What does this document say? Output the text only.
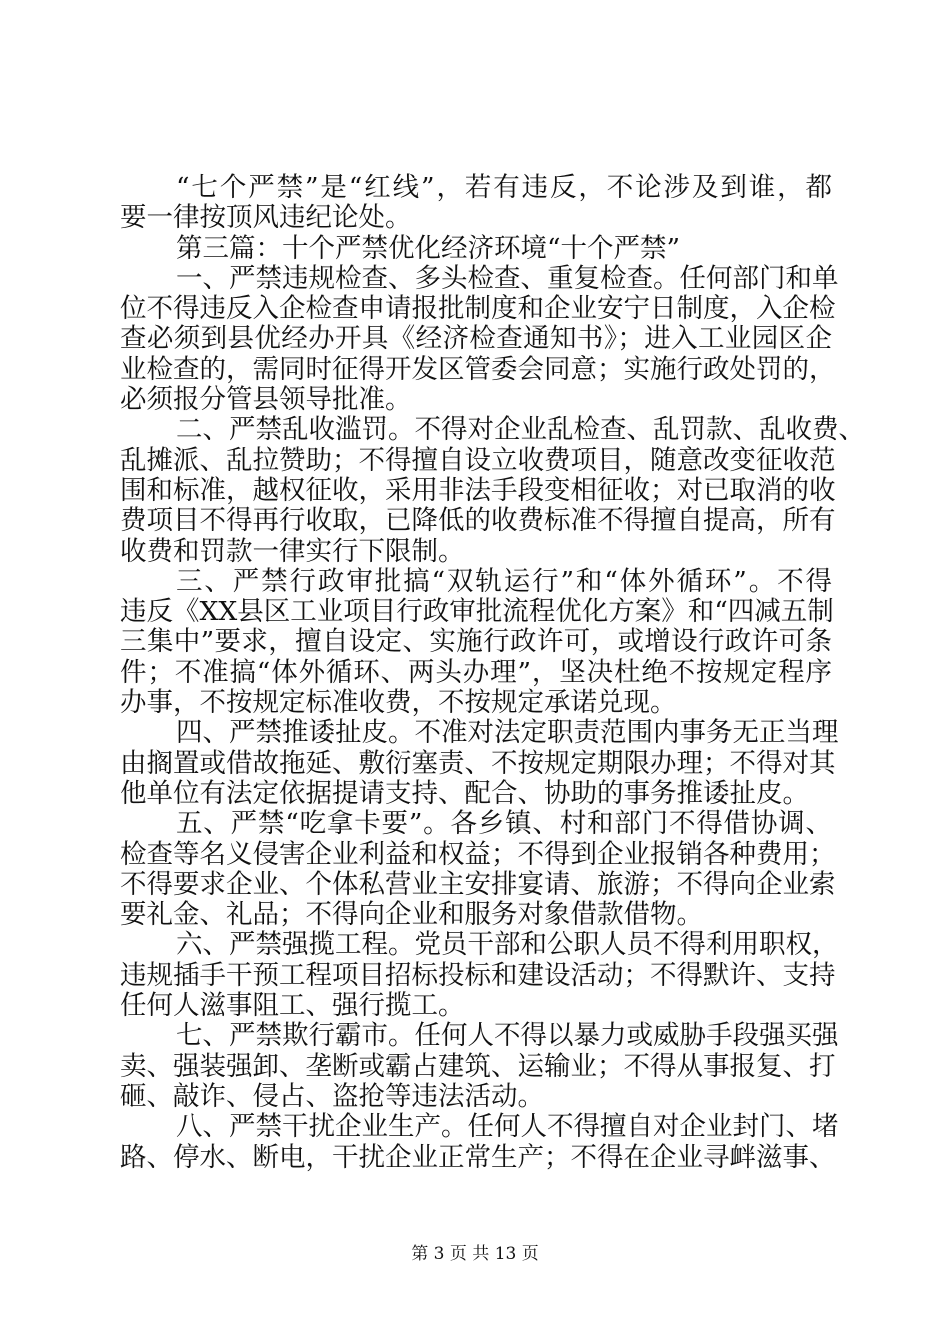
“七个严禁”是“红线”，若有违反，不论涉及到谁，都
要一律按顶风违纪论处。
第三篇：十个严禁优化经济环境“十个严禁”
一、严禁违规检查、多头检查、重复检查。任何部门和单
位不得违反入企检查申请报批制度和企业安宁日制度，入企检
查必须到县优经办开具《经济检查通知书》；进入工业园区企
业检查的，需同时征得开发区管委会同意；实施行政处罚的，
必须报分管县领导批准。
二、严禁乱收滥罚。不得对企业乱检查、乱罚款、乱收费、
乱摊派、乱拉赞助；不得擅自设立收费项目，随意改变征收范
围和标准，越权征收，采用非法手段变相征收；对已取消的收
费项目不得再行收取，已降低的收费标准不得擅自提高，所有
收费和罚款一律实行下限制。
三、严禁行政审批搞“双轨运行”和“体外循环”。不得
违反《XX县区工业项目行政审批流程优化方案》和“四减五制
三集中”要求，擅自设定、实施行政许可，或增设行政许可条
件；不准搞“体外循环、两头办理”，坚决杜绝不按规定程序
办事，不按规定标准收费，不按规定承诺兑现。
四、严禁推诿扯皮。不准对法定职责范围内事务无正当理
由搁置或借故拖延、敷衍塞责、不按规定期限办理；不得对其
他单位有法定依据提请支持、配合、协助的事务推诿扯皮。
五、严禁“吃拿卡要”。各乡镇、村和部门不得借协调、
检查等名义侵害企业利益和权益；不得到企业报销各种费用；
不得要求企业、个体私营业主安排宴请、旅游；不得向企业索
要礼金、礼品；不得向企业和服务对象借款借物。
六、严禁强揽工程。党员干部和公职人员不得利用职权，
违规插手干预工程项目招标投标和建设活动；不得默许、支持
任何人滋事阻工、强行揽工。
七、严禁欺行霸市。任何人不得以暴力或威胁手段强买强
卖、强装强卸、垄断或霸占建筑、运输业；不得从事报复、打
砸、敲诈、侵占、盗抢等违法活动。
八、严禁干扰企业生产。任何人不得擅自对企业封门、堵
路、停水、断电，干扰企业正常生产；不得在企业寻衅滋事、
第 3 页 共 13 页
